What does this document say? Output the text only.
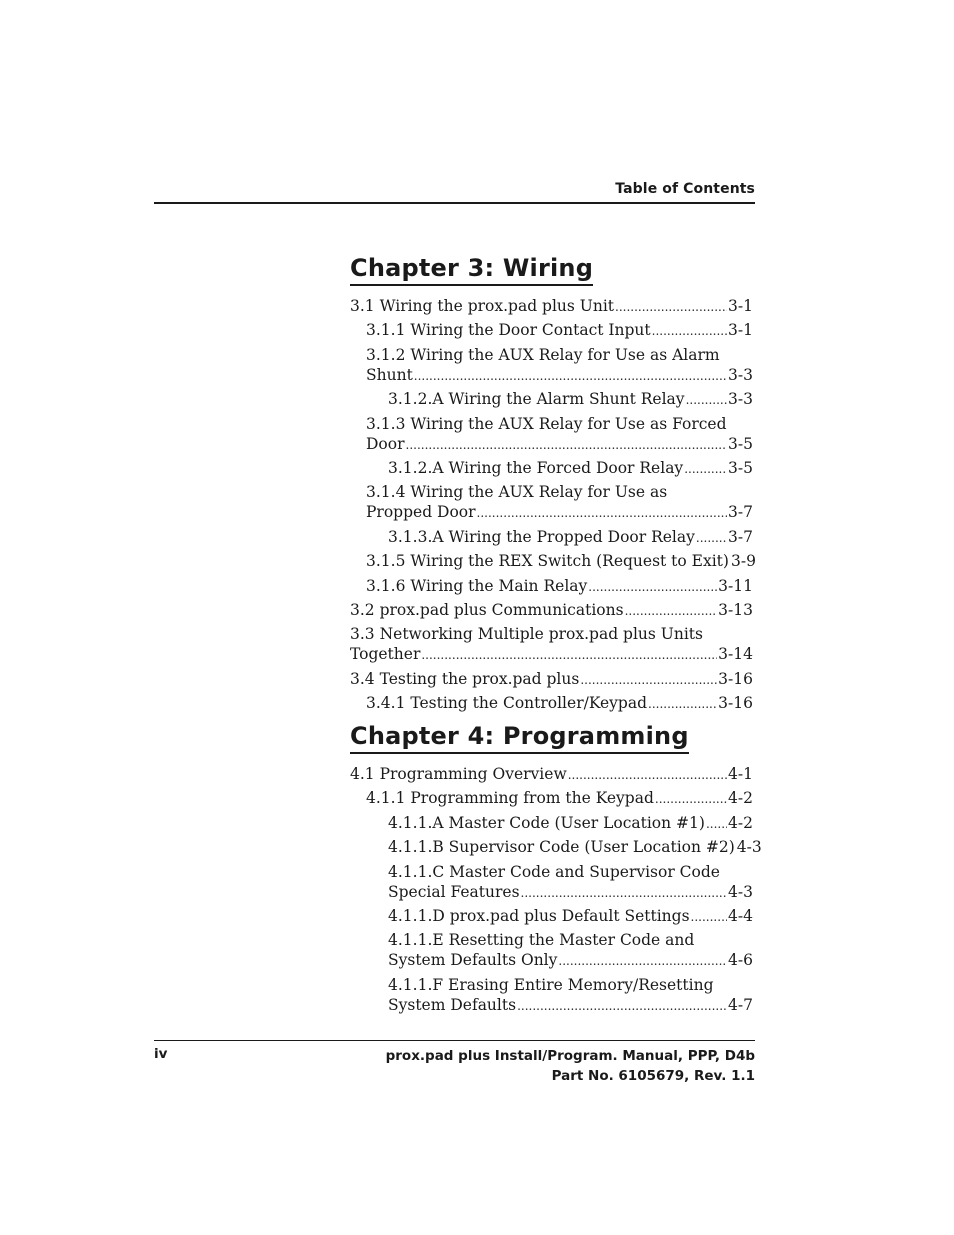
Table of Contents
Chapter 3: Wiring
3.1 Wiring the prox.pad plus Unit .....	3-1
3.1.1 Wiring the Door Contact Input .....	3-1
3.1.2 Wiring the AUX Relay for Use as Alarm
Shunt .....	3-3
3.1.2.A Wiring the Alarm Shunt Relay .....	3-3
3.1.3 Wiring the AUX Relay for Use as Forced
Door .....	3-5
3.1.2.A Wiring the Forced Door Relay .....	3-5
3.1.4 Wiring the AUX Relay for Use as
Propped Door .....	3-7
3.1.3.A Wiring the Propped Door Relay ..... 3-7
3.1.5 Wiring the REX Switch (Request to Exit) 3-9
3.1.6 Wiring the Main Relay .....	3-11
3.2 prox.pad plus Communications .....	3-13
3.3 Networking Multiple prox.pad plus Units
Together .....	3-14
3.4 Testing the prox.pad plus .....	3-16
3.4.1 Testing the Controller/Keypad .....	3-16
Chapter 4: Programming
4.1 Programming Overview .....	4-1
4.1.1 Programming from the Keypad .....	4-2
4.1.1.A Master Code (User Location #1) ..... 4-2
4.1.1.B Supervisor Code (User Location #2) 4-3
4.1.1.C Master Code and Supervisor Code
Special Features .....	4-3
4.1.1.D prox.pad plus Default Settings ..... 4-4
4.1.1.E Resetting the Master Code and
System Defaults Only .....	4-6
4.1.1.F Erasing Entire Memory/Resetting
System Defaults .....	4-7
iv	prox.pad plus Install/Program. Manual, PPP, D4b
Part No. 6105679, Rev. 1.1
